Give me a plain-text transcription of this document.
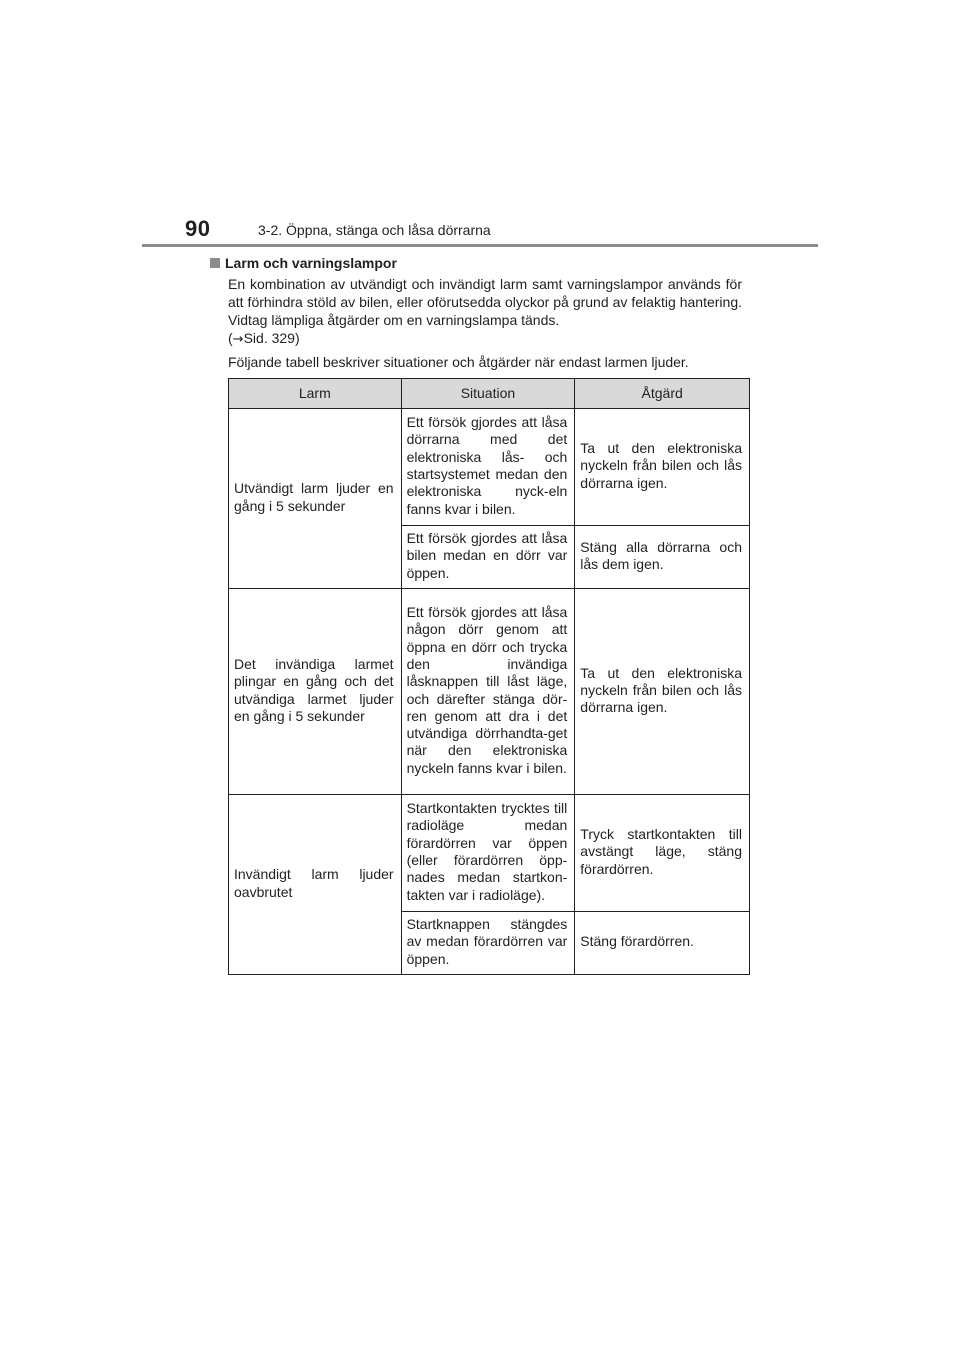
90	3-2. Öppna, stänga och låsa dörrarna

Larm och varningslampor

En kombination av utvändigt och invändigt larm samt varningslampor används för att förhindra stöld av bilen, eller oförutsedda olyckor på grund av felaktig hantering. Vidtag lämpliga åtgärder om en varningslampa tänds.
(→Sid. 329)

Följande tabell beskriver situationer och åtgärder när endast larmen ljuder.

Larm	Situation	Åtgärd
Utvändigt larm ljuder en gång i 5 sekunder	Ett försök gjordes att låsa dörrarna med det elektroniska lås- och startsystemet medan den elektroniska nyck-eln fanns kvar i bilen.	Ta ut den elektroniska nyckeln från bilen och lås dörrarna igen.
	Ett försök gjordes att låsa bilen medan en dörr var öppen.	Stäng alla dörrarna och lås dem igen.
Det invändiga larmet plingar en gång och det utvändiga larmet ljuder en gång i 5 sekunder	Ett försök gjordes att låsa någon dörr genom att öppna en dörr och trycka den invändiga låsknappen till låst läge, och därefter stänga dör-ren genom att dra i det utvändiga dörrhandta-get när den elektroniska nyckeln fanns kvar i bilen.	Ta ut den elektroniska nyckeln från bilen och lås dörrarna igen.
Invändigt larm ljuder oavbrutet	Startkontakten trycktes till radioläge medan förardörren var öppen (eller förardörren öpp-nades medan startkon-takten var i radioläge).	Tryck startkontakten till avstängt läge, stäng förardörren.
	Startknappen stängdes av medan förardörren var öppen.	Stäng förardörren.
